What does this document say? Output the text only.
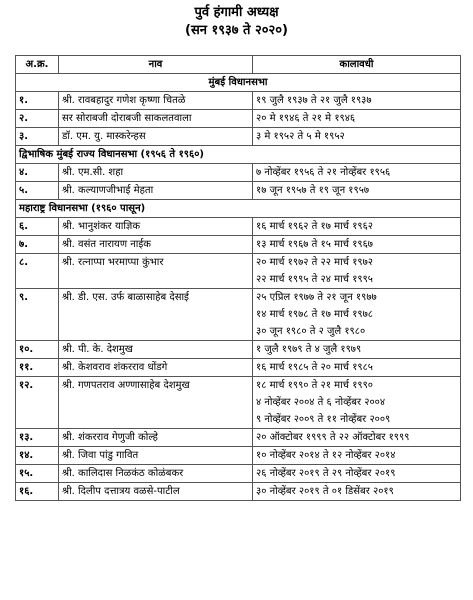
पुर्व हंगामी अध्यक्ष
(सन १९३७ ते २०२०)
अ.क्र.	नाव	कालावधी
मुंबई विधानसभा		
१.	श्री. रावबहादुर गणेश कृष्णा चितळे	१९ जुलै १९३७ ते २१ जुलै १९३७

२.	सर सोराबजी दोराबजी साकलतवाला	२० मे १९४६ ते २१ मे १९४६

३.	डॉ. एम. यु. मास्करेन्हस	३ मे १९५२ ते ५ मे १९५२

द्विभाषिक मुंबई राज्य विधानसभा (१९५६ ते १९६०)		
४.	श्री. एम.सी. शहा	७ नोव्हेंबर १९५६ ते २१ नोव्हेंबर १९५६

५.	श्री. कल्याणजीभाई मेहता	१७ जून १९५७ ते १९ जून १९५७

महाराष्ट्र विधानसभा (१९६० पासून)		
६.	श्री. भानुशंकर याज्ञिक	१६ मार्च १९६२ ते १७ मार्च १९६२

७.	श्री. वसंत नारायण नाईक	१३ मार्च १९६७ ते १५ मार्च १९६७

८.	श्री. रत्नाप्पा भरमाप्पा कुंभार	२० मार्च १९७२ ते २२ मार्च १९७२
२२ मार्च १९९५ ते २४ मार्च १९९५

९.	श्री. डी. एस. उर्फ बाळासाहेब देसाई	२५ एप्रिल १९७७ ते २१ जून १९७७
१४ मार्च १९७८ ते १७ मार्च १९७८
३० जून १९८० ते २ जुलै १९८०

१०.	श्री. पी. के. देशमुख	१ जुलै १९७९ ते ४ जुलै १९७९

११.	श्री. केशवराव शंकरराव धोंडगे	१६ मार्च १९८५ ते २० मार्च १९८५

१२.	श्री. गणपतराव अण्णासाहेब देशमुख	१८ मार्च १९९० ते २१ मार्च १९९०
४ नोव्हेंबर २००४ ते ६ नोव्हेंबर २००४
९ नोव्हेंबर २००९ ते ११ नोव्हेंबर २००९

१३.	श्री. शंकरराव गेणुजी कोल्हे	२० ऑक्टोबर १९९९ ते २२ ऑक्टोबर १९९९

१४.	श्री. जिवा पांडु गावित	१० नोव्हेंबर २०१४ ते १२ नोव्हेंबर २०१४

१५.	श्री. कालिदास निळकंठ कोळंबकर	२६ नोव्हेंबर २०१९ ते २९ नोव्हेंबर २०१९

१६.	श्री. दिलीप दत्तात्रय वळसे-पाटील	३० नोव्हेंबर २०१९ ते ०१ डिसेंबर २०१९
